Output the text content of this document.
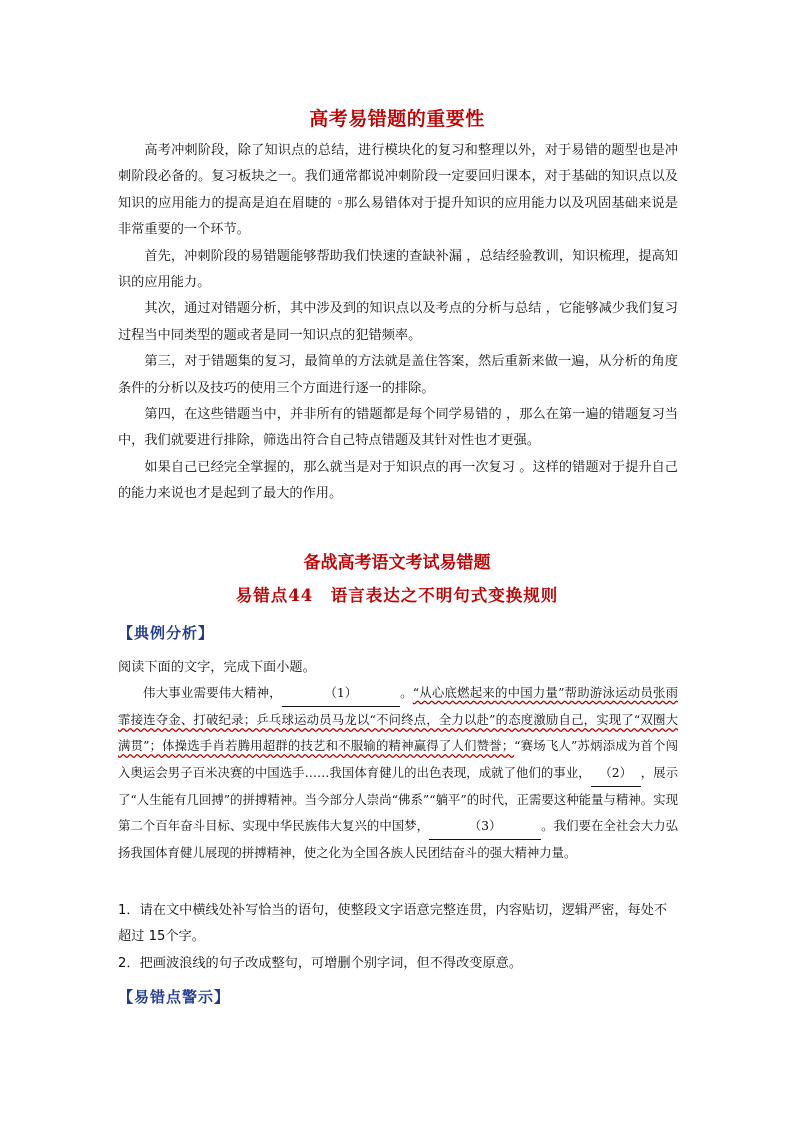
高考易错题的重要性

高考冲刺阶段，除了知识点的总结，进行模块化的复习和整理以外，对于易错的题型也是冲刺阶段必备的。复习板块之一。我们通常都说冲刺阶段一定要回归课本，对于基础的知识点以及知识的应用能力的提高是迫在眉睫的 ◦那么易错体对于提升知识的应用能力以及巩固基础来说是非常重要的一个环节。

首先，冲刺阶段的易错题能够帮助我们快速的查缺补漏 ，总结经验教训，知识梳理，提高知识的应用能力。

其次，通过对错题分析，其中涉及到的知识点以及考点的分析与总结 ，它能够减少我们复习过程当中同类型的题或者是同一知识点的犯错频率。

第三，对于错题集的复习，最简单的方法就是盖住答案，然后重新来做一遍，从分析的角度条件的分析以及技巧的使用三个方面进行逐一的排除。

第四，在这些错题当中，并非所有的错题都是每个同学易错的 ，那么在第一遍的错题复习当中，我们就要进行排除，筛选出符合自己特点错题及其针对性也才更强。

如果自己已经完全掌握的，那么就当是对于知识点的再一次复习 。这样的错题对于提升自己的能力来说也才是起到了最大的作用。

备战高考语文考试易错题
易错点44　语言表达之不明句式变换规则
【典例分析】
阅读下面的文字，完成下面小题。
伟大事业需要伟大精神，	（1）	。“从心底燃起来的中国力量”帮助游泳运动员张雨霏接连夺金、打破纪录；乒乓球运动员马龙以“不问终点，全力以赴”的态度激励自己，实现了“双圈大满贯”；体操选手肖若腾用超群的技艺和不服输的精神赢得了人们赞誉；“赛场飞人”苏炳添成为首个闯入奥运会男子百米决赛的中国选手……我国体育健儿的出色表现，成就了他们的事业， （2） ，展示了“人生能有几回搏”的拼搏精神。当今部分人崇尚“佛系”“躺平”的时代，正需要这种能量与精神。实现第二个百年奋斗目标、实现中华民族伟大复兴的中国梦，	（3）	。我们要在全社会大力弘扬我国体育健儿展现的拼搏精神，使之化为全国各族人民团结奋斗的强大精神力量。

1．请在文中横线处补写恰当的语句，使整段文字语意完整连贯，内容贴切，逻辑严密，每处不超过 15个字。

2．把画波浪线的句子改成整句，可增删个别字词，但不得改变原意。

【易错点警示】
